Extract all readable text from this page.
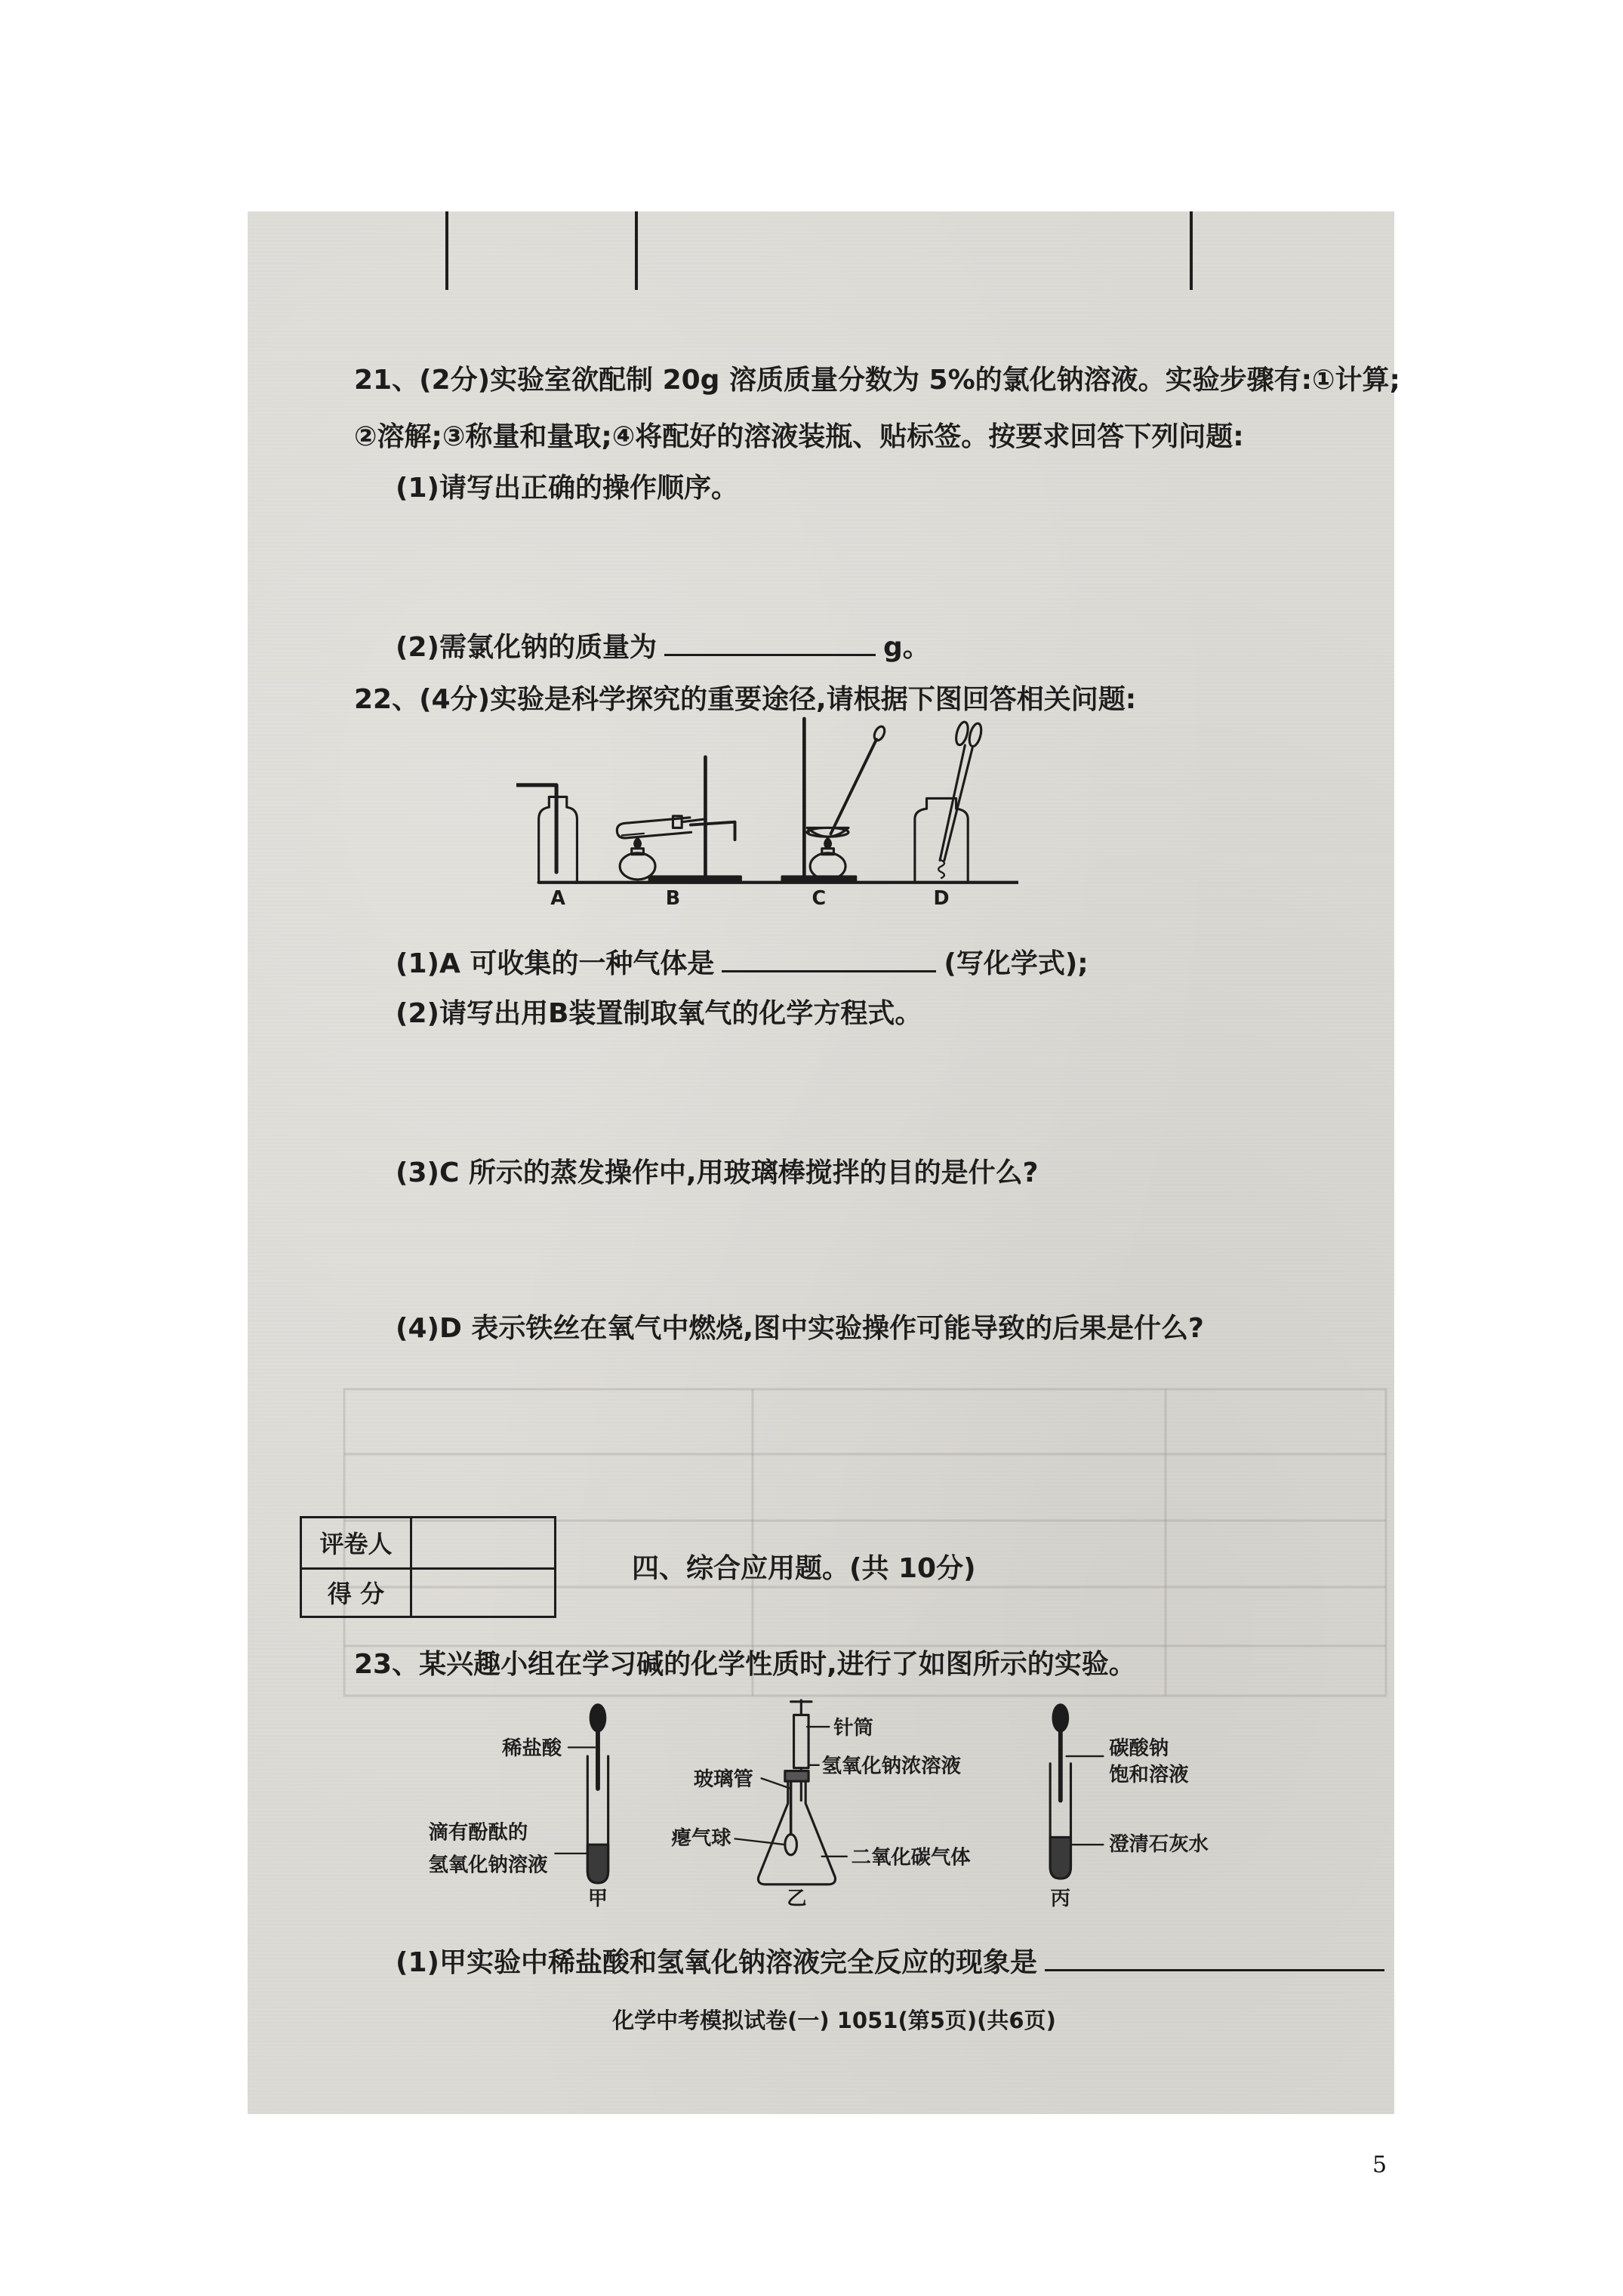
21、(2分)实验室欲配制 20g 溶质质量分数为 5%的氯化钠溶液。实验步骤有:①计算;
②溶解;③称量和量取;④将配好的溶液装瓶、贴标签。按要求回答下列问题:
(1)请写出正确的操作顺序。
(2)需氯化钠的质量为	g。
22、(4分)实验是科学探究的重要途径,请根据下图回答相关问题:
A	B	C	D
(1)A 可收集的一种气体是	(写化学式);
(2)请写出用B装置制取氧气的化学方程式。
(3)C 所示的蒸发操作中,用玻璃棒搅拌的目的是什么?
(4)D 表示铁丝在氧气中燃烧,图中实验操作可能导致的后果是什么?
评卷人
得 分
四、综合应用题。(共 10分)
23、某兴趣小组在学习碱的化学性质时,进行了如图所示的实验。
稀盐酸
滴有酚酞的
氢氧化钠溶液
甲
针筒
氢氧化钠浓溶液
玻璃管
瘪气球
二氧化碳气体
乙
碳酸钠
饱和溶液
澄清石灰水
丙
(1)甲实验中稀盐酸和氢氧化钠溶液完全反应的现象是
化学中考模拟试卷(一) 1051(第5页)(共6页)
5
